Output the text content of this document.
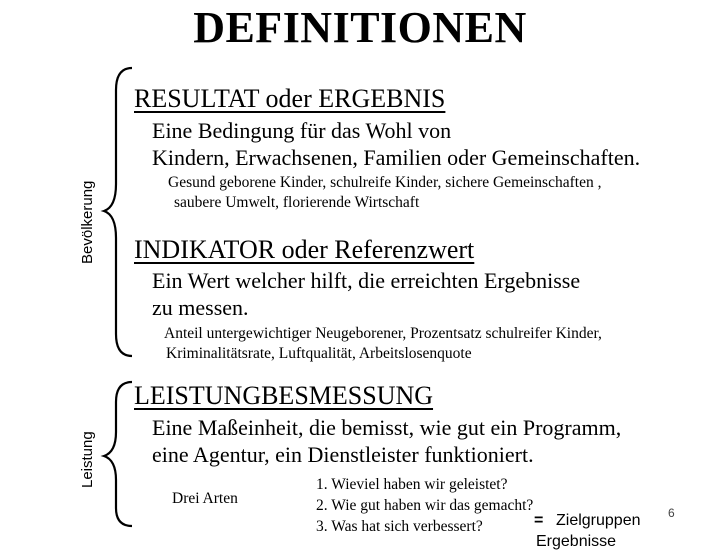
DEFINITIONEN
Bevölkerung
Leistung
RESULTAT oder ERGEBNIS
Eine Bedingung für das Wohl von
Kindern, Erwachsenen, Familien oder Gemeinschaften.
Gesund geborene Kinder, schulreife Kinder, sichere Gemeinschaften ,
saubere Umwelt, florierende Wirtschaft
INDIKATOR oder Referenzwert
Ein Wert welcher hilft, die erreichten Ergebnisse
zu messen.
Anteil untergewichtiger Neugeborener, Prozentsatz schulreifer Kinder,
Kriminalitätsrate, Luftqualität, Arbeitslosenquote
LEISTUNGBESMESSUNG
Eine Maßeinheit, die bemisst, wie gut ein Programm,
eine Agentur, ein Dienstleister funktioniert.
Drei Arten
1. Wieviel haben wir geleistet?
2. Wie gut haben wir das gemacht?
3. Was hat sich verbessert?	= Zielgruppen
Ergebnisse
6
